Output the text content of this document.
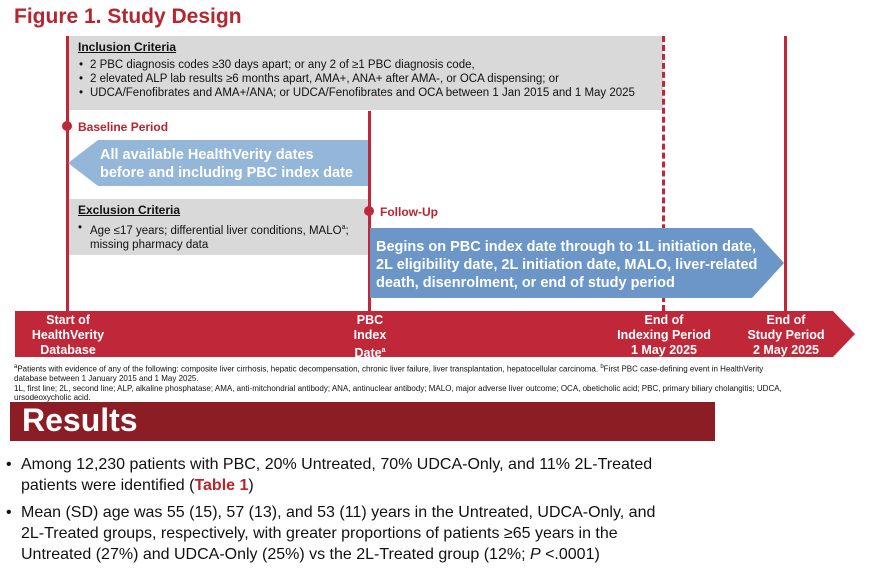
Figure 1. Study Design
Inclusion Criteria
• 2 PBC diagnosis codes ≥30 days apart; or any 2 of ≥1 PBC diagnosis code,
• 2 elevated ALP lab results ≥6 months apart, AMA+, ANA+ after AMA-, or OCA dispensing; or

• UDCA/Fenofibrates and AMA+/ANA; or UDCA/Fenofibrates and OCA between 1 Jan 2015 and 1 May 2025

Exclusion Criteria
• Age ≤17 years; differential liver conditions, MALO$^a$;
missing pharmacy data
Baseline Period
All available HealthVerity dates
before and including PBC index date
Follow-Up
Begins on PBC index date through to 1L initiation date,
2L eligibility date, 2L initiation date, MALO, liver-related
death, disenrolment, or end of study period
Start of
HealthVerity
Database
PBC
Index
Date$^a$
End of
Indexing Period
1 May 2025
End of
Study Period
2 May 2025
$^a$Patients with evidence of any of the following: composite liver cirrhosis, hepatic decompensation, chronic liver failure, liver transplantation, hepatocellular carcinoma. $^b$First PBC case-defining event in HealthVerity
database between 1 January 2015 and 1 May 2025.
1L, first line; 2L, second line; ALP, alkaline phosphatase; AMA, anti-mitchondrial antibody; ANA, antinuclear antibody; MALO, major adverse liver outcome; OCA, obeticholic acid; PBC, primary biliary cholangitis; UDCA,
ursodeoxycholic acid.
Results
• Among 12,230 patients with PBC, 20% Untreated, 70% UDCA-Only, and 11% 2L-Treated
patients were identified (Table 1)
• Mean (SD) age was 55 (15), 57 (13), and 53 (11) years in the Untreated, UDCA-Only, and
2L-Treated groups, respectively, with greater proportions of patients ≥65 years in the
Untreated (27%) and UDCA-Only (25%) vs the 2L-Treated group (12%; P <.0001)
